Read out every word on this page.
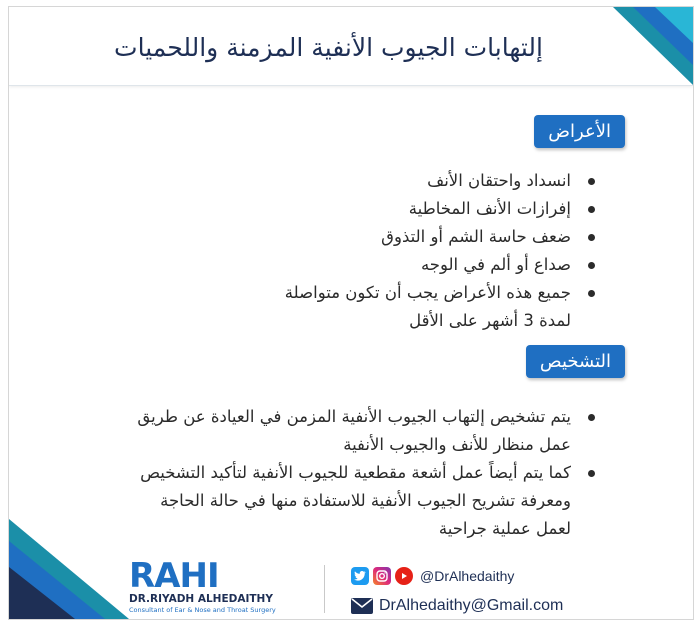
إلتهابات الجيوب الأنفية المزمنة واللحميات
الأعراض
انسداد واحتقان الأنف
إفرازات الأنف المخاطية
ضعف حاسة الشم أو التذوق
صداع أو ألم في الوجه
جميع هذه الأعراض يجب أن تكون متواصلة لمدة 3 أشهر على الأقل
التشخيص
يتم تشخيص إلتهاب الجيوب الأنفية المزمن في العيادة عن طريق عمل منظار للأنف والجيوب الأنفية
كما يتم أيضاً عمل أشعة مقطعية للجيوب الأنفية لتأكيد التشخيص ومعرفة تشريح الجيوب الأنفية للاستفادة منها في حالة الحاجة لعمل عملية جراحية
RAHI
DR.RIYADH ALHEDAITHY
Consultant of Ear & Nose and Throat Surgery
@DrAlhedaithy
DrAlhedaithy@Gmail.com
